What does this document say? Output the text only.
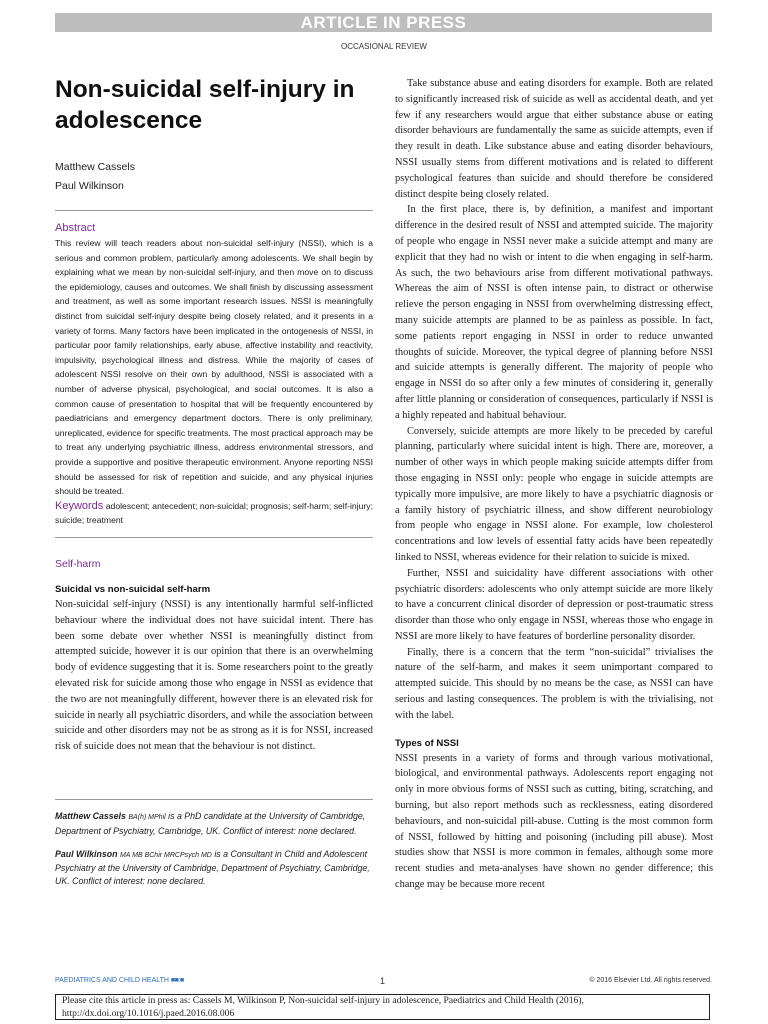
ARTICLE IN PRESS
OCCASIONAL REVIEW
Non-suicidal self-injury in
adolescence
Matthew Cassels
Paul Wilkinson
Abstract
This review will teach readers about non-suicidal self-injury (NSSI), which is a serious and common problem, particularly among adolescents. We shall begin by explaining what we mean by non-suicidal self-injury, and then move on to discuss the epidemiology, causes and outcomes. We shall finish by discussing assessment and treatment, as well as some important research issues. NSSI is meaningfully distinct from suicidal self-injury despite being closely related, and it presents in a variety of forms. Many factors have been implicated in the ontogenesis of NSSI, in particular poor family relationships, early abuse, affective instability and reactivity, impulsivity, psychological illness and distress. While the majority of cases of adolescent NSSI resolve on their own by adulthood, NSSI is associated with a number of adverse physical, psychological, and social outcomes. It is also a common cause of presentation to hospital that will be frequently encountered by paediatricians and emergency department doctors. There is only preliminary, unreplicated, evidence for specific treatments. The most practical approach may be to treat any underlying psychiatric illness, address environmental stressors, and provide a supportive and positive therapeutic environment. Anyone reporting NSSI should be assessed for risk of repetition and suicide, and any physical injuries should be treated.
Keywords adolescent; antecedent; non-suicidal; prognosis; self-harm; self-injury; suicide; treatment
Self-harm
Suicidal vs non-suicidal self-harm

Non-suicidal self-injury (NSSI) is any intentionally harmful self-inflicted behaviour where the individual does not have suicidal intent. There has been some debate over whether NSSI is meaningfully distinct from attempted suicide, however it is our opinion that there is an overwhelming body of evidence suggesting that it is. Some researchers point to the greatly elevated risk for suicide among those who engage in NSSI as evidence that the two are not meaningfully different, however there is an elevated risk for suicide in nearly all psychiatric disorders, and while the association between suicide and other disorders may not be as strong as it is for NSSI, increased risk of suicide does not mean that the behaviour is not distinct.

Matthew Cassels BA(h) MPhil is a PhD candidate at the University of Cambridge, Department of Psychiatry, Cambridge, UK. Conflict of interest: none declared.
Paul Wilkinson MA MB BChir MRCPsych MD is a Consultant in Child and Adolescent Psychiatry at the University of Cambridge, Department of Psychiatry, Cambridge, UK. Conflict of interest: none declared.

Take substance abuse and eating disorders for example. Both are related to significantly increased risk of suicide as well as accidental death, and yet few if any researchers would argue that either substance abuse or eating disorder behaviours are fundamentally the same as suicide attempts, even if they result in death. Like substance abuse and eating disorder behaviours, NSSI usually stems from different motivations and is related to different psychological features than suicide and should therefore be considered distinct despite being closely related.

In the first place, there is, by definition, a manifest and important difference in the desired result of NSSI and attempted suicide. The majority of people who engage in NSSI never make a suicide attempt and many are explicit that they had no wish or intent to die when engaging in self-harm. As such, the two behaviours arise from different motivational pathways. Whereas the aim of NSSI is often intense pain, to distract or otherwise relieve the person engaging in NSSI from overwhelming distressing effect, many suicide attempts are planned to be as painless as possible. In fact, some patients report engaging in NSSI in order to reduce unwanted thoughts of suicide. Moreover, the typical degree of planning before NSSI and suicide attempts is generally different. The majority of people who engage in NSSI do so after only a few minutes of considering it, generally after little planning or consideration of consequences, particularly if NSSI is a highly repeated and habitual behaviour.

Conversely, suicide attempts are more likely to be preceded by careful planning, particularly where suicidal intent is high. There are, moreover, a number of other ways in which people making suicide attempts differ from those engaging in NSSI only: people who engage in suicide attempts are typically more impulsive, are more likely to have a psychiatric diagnosis or a family history of psychiatric illness, and show different neurobiology from people who engage in NSSI alone. For example, low cholesterol concentrations and low levels of essential fatty acids have been repeatedly linked to NSSI, whereas evidence for their relation to suicide is mixed.

Further, NSSI and suicidality have different associations with other psychiatric disorders: adolescents who only attempt suicide are more likely to have a concurrent clinical disorder of depression or post-traumatic stress disorder than those who only engage in NSSI, whereas those who engage in NSSI are more likely to have features of borderline personality disorder.

Finally, there is a concern that the term “non-suicidal” trivialises the nature of the self-harm, and makes it seem unimportant compared to attempted suicide. This should by no means be the case, as NSSI can have serious and lasting consequences. The problem is with the trivialising, not with the label.

Types of NSSI

NSSI presents in a variety of forms and through various motivational, biological, and environmental pathways. Adolescents report engaging not only in more obvious forms of NSSI such as cutting, biting, scratching, and burning, but also report methods such as recklessness, eating disordered behaviours, and non-suicidal pill-abuse. Cutting is the most common form of NSSI, followed by hitting and poisoning (including pill abuse). Most studies show that NSSI is more common in females, although some more recent studies and meta-analyses have shown no gender difference; this change may be because more recent

PAEDIATRICS AND CHILD HEALTH ■■:■	1	© 2016 Elsevier Ltd. All rights reserved.
Please cite this article in press as: Cassels M, Wilkinson P, Non-suicidal self-injury in adolescence, Paediatrics and Child Health (2016), http://dx.doi.org/10.1016/j.paed.2016.08.006
